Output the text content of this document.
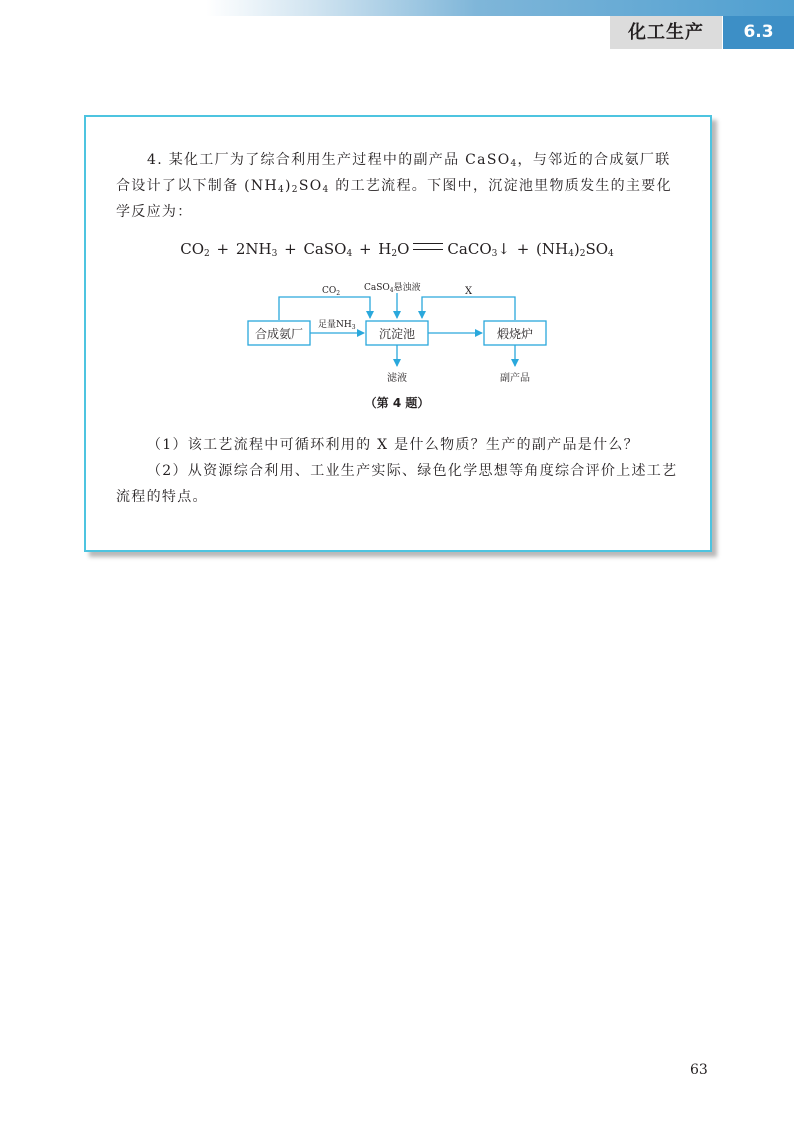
化工生产	6.3

4. 某化工厂为了综合利用生产过程中的副产品 CaSO$_4$，与邻近的合成氨厂联合设计了以下制备 $(NH_4)_2SO_4$ 的工艺流程。下图中，沉淀池里物质发生的主要化学反应为：

$CO_2 + 2NH_3$ + CaSO$_4$ + $H_2O$	CaCO$_3$↓ + $(NH_4)_2SO_4$
合成氨厂	沉淀池	煅烧炉
$CO_2$
CaSO$_4$悬浊液	X
足量$NH_3$
滤液	副产品
（第 4 题）

（1）该工艺流程中可循环利用的 X 是什么物质？生产的副产品是什么？

（2）从资源综合利用、工业生产实际、绿色化学思想等角度综合评价上述工艺流程的特点。

63
